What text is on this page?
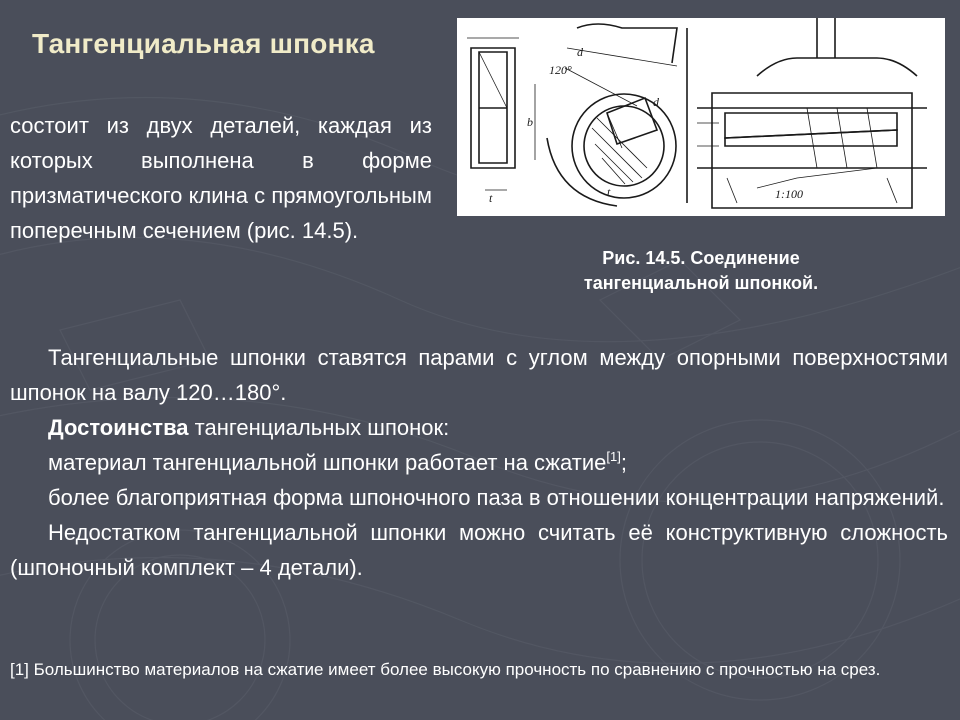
Тангенциальная шпонка
состоит из двух деталей, каждая из которых выполнена в форме призматического клина с прямоугольным поперечным сечением (рис. 14.5).
120°
d
d
b
t
t	1:100
Рис. 14.5. Соединение
тангенциальной шпонкой.

Тангенциальные шпонки ставятся парами с углом между опорными поверхностями шпонок на валу 120…180°.

Достоинства тангенциальных шпонок:

материал тангенциальной шпонки работает на сжатие[1];

более благоприятная форма шпоночного паза в отношении концентрации напряжений.

Недостатком тангенциальной шпонки можно считать её конструктивную сложность (шпоночный комплект – 4 детали).

[1] Большинство материалов на сжатие имеет более высокую прочность по сравнению с прочностью на срез.
